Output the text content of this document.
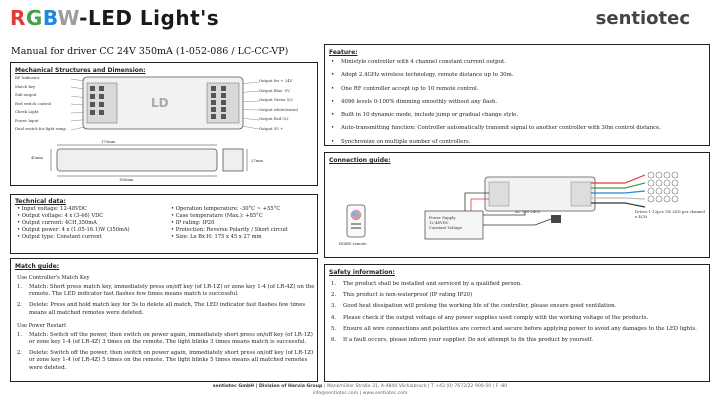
RGBW-LED Light's	sentiotec
Manual for driver CC 24V 350mA (1-052-086 / LC-CC-VP)
Mechanical Structures and Dimension:
RF Indicator
Match key
Sub-output
Red switch control
Cheek Light
Power Input
Dual switch for light ramp
Output for + 24V
Output Blue -5V
Output Green 0/2
Output white(warm)
Output Red 0/2
Output 5V +
LD
175mm
45mm
27mm
160mm
Technical data:
• Input voltage: 12-48VDC
• Output voltage: 4 x (3-46) VDC
• Output current: 4CH,350mA
• Output power: 4 x (1.05-16.1)W (350mA)
• Output type: Constant current
• Operation temperature: -30°C ~ +55°C
• Case temperature (Max.): +85°C
• IP rating: IP20
• Protection: Reverse Polarity / Short circuit
• Size: Lx Bx H: 175 x 45 x 27 mm
Match guide:
Use Controller's Match Key
1. Match: Short press match key, immediately press on/off key (of LR-1Z) or zone key 1-4 (of LR-4Z) on the remote. The LED indicator fast flashes few times means match is successful.
2. Delete: Press and hold match key for 5s to delete all match, The LED indicator fast flashes few times means all matched remotes were deleted.
Use Power Restart
1. Match: Switch off the power, then switch on power again, immediately short press on/off key (of LR-1Z) or zone key 1-4 (of LR-4Z) 3 times on the remote. The light blinks 3 times means match is successful.
2. Delete: Switch off the power, then switch on power again, immediately short press on/off key (of LR-1Z) or zone key 1-4 (of LR-4Z) 5 times on the remote. The light blinks 5 times means all matched remotes were deleted.
Feature:
• Ministyle controller with 4 channel constant current output.
• Adopt 2.4GHz wireless technology, remote distance up to 30m.
• One RF controller accept up to 10 remote control.
• 4096 levels 0-100% dimming smoothly without any flash.
• Built in 10 dynamic mode, include jump or gradual change style.
• Auto-transmitting function: Controller automatically transmit signal to another controller with 30m control distance.
• Synchronize on multiple number of controllers.
Connection guide:
Drives 1-12pcs 1W LED per channel x 4CH
AC 100-240V
Power Supply
12-48VDC
Constant Voltage
RGBW remote
Safety information:
1. The product shall be installed and serviced by a qualified person.
2. This product is non-waterproof (IP rating IP20)
3. Good heat dissipation will prolong the working life of the controller, please ensure good ventilation.
4. Please check if the output voltage of any power supplies used comply with the working voltage of the products.
5. Ensure all wire connections and polarities are correct and secure before applying power to avoid any damages to the LED lights.
6. If a fault occurs, please inform your supplier. Do not attempt to fix this product by yourself.
sentiotec GmbH | Division of Harvia Group | Wankmüller Straße 31, A-4840 Vöcklabruck | T +43 (0) 7672/22 900-50 | F -80
info@sentiotec.com | www.sentiotec.com
